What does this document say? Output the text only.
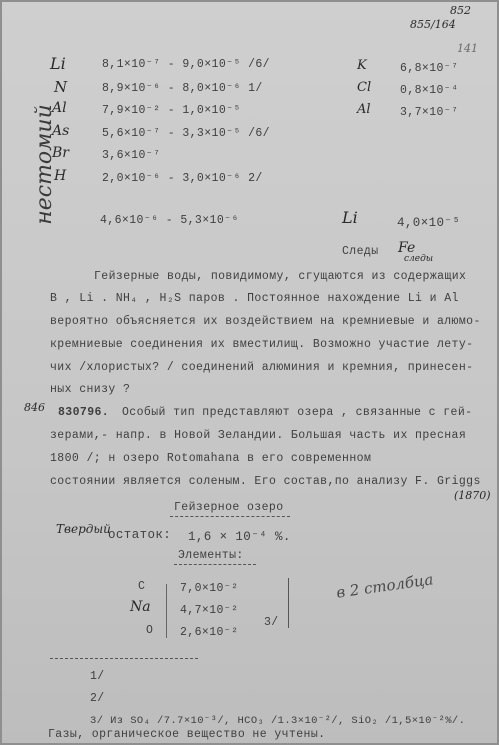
852
855/164
141
нестомий
Li	8,1×10⁻⁷ - 9,0×10⁻⁵ /6/
N	8,9×10⁻⁶ - 8,0×10⁻⁶ 1/
Al	7,9×10⁻² - 1,0×10⁻⁵
As	5,6×10⁻⁷ - 3,3×10⁻⁵ /6/
Br	3,6×10⁻⁷
H	2,0×10⁻⁶ - 3,0×10⁻⁶ 2/
4,6×10⁻⁶ - 5,3×10⁻⁶
K	6,8×10⁻⁷
Cl	0,8×10⁻⁴
Al	3,7×10⁻⁷
Li	4,0×10⁻⁵
Следы Fe
следы
Гейзерные воды, повидимому, сгущаются из содержащих
В , Li . NH₄ , H₂S паров . Постоянное нахождение Li и Al
вероятно объясняется их воздействием на кремниевые и алюмо-
кремниевые соединения их вместилищ. Возможно участие лету-
чих /хлористых? / соединений алюминия и кремния, принесен-
ных снизу ?
846 830796. Особый тип представляют озера , связанные с гей-
зерами,- напр. в Новой Зеландии. Большая часть их пресная
1800 /; н озеро Rotomahana в его современном
состоянии является соленым. Его состав,по анализу F. Griggs
(1870)
Гейзерное озеро
Твердый
остаток: 1,6 × 10⁻⁴ %.
Элементы:
C	7,0×10⁻²
Na	4,7×10⁻²
O 2,6×10⁻²
3/
в 2 столбца
1/
2/
3/ Из SO₄ /7.7×10⁻³/, HCO₃ /1.3×10⁻²/, SiO₂ /1,5×10⁻²%/.
Газы, органическое вещество не учтены.
